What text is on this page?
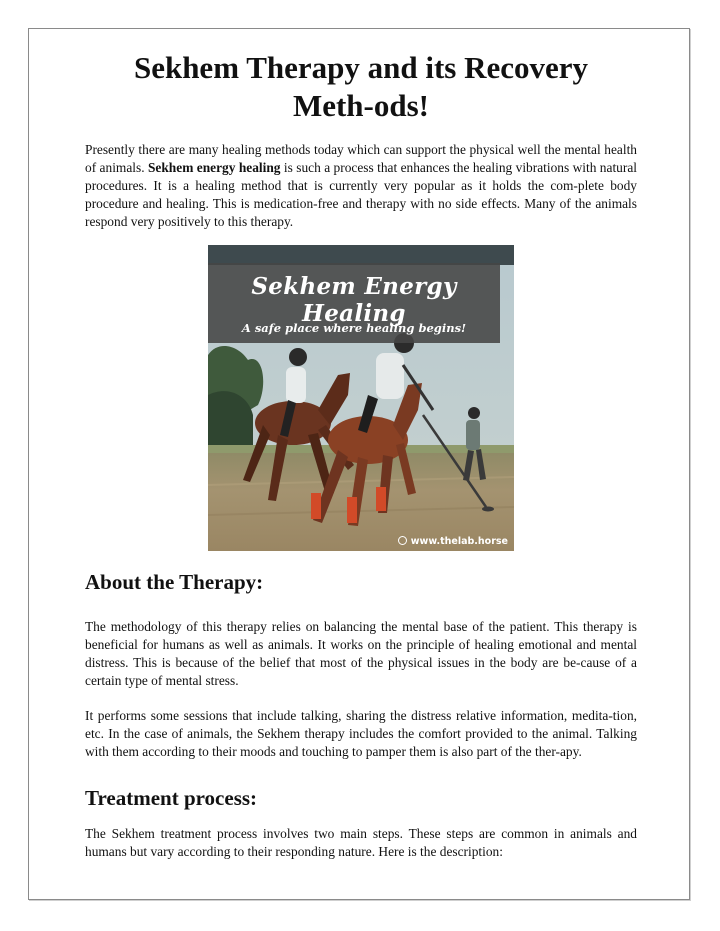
Sekhem Therapy and its Recovery Meth-ods!

Presently there are many healing methods today which can support the physical well the mental health of animals. Sekhem energy healing is such a process that enhances the healing vibrations with natural procedures. It is a healing method that is currently very popular as it holds the com-plete body procedure and healing. This is medication-free and therapy with no side effects. Many of the animals respond very positively to this therapy.

Sekhem Energy Healing
A safe place where healing begins!
www.thelab.horse
About the Therapy:

The methodology of this therapy relies on balancing the mental base of the patient. This therapy is beneficial for humans as well as animals. It works on the principle of healing emotional and mental distress. This is because of the belief that most of the physical issues in the body are be-cause of a certain type of mental stress.

It performs some sessions that include talking, sharing the distress relative information, medita-tion, etc. In the case of animals, the Sekhem therapy includes the comfort provided to the animal. Talking with them according to their moods and touching to pamper them is also part of the ther-apy.

Treatment process:

The Sekhem treatment process involves two main steps. These steps are common in animals and humans but vary according to their responding nature. Here is the description:
